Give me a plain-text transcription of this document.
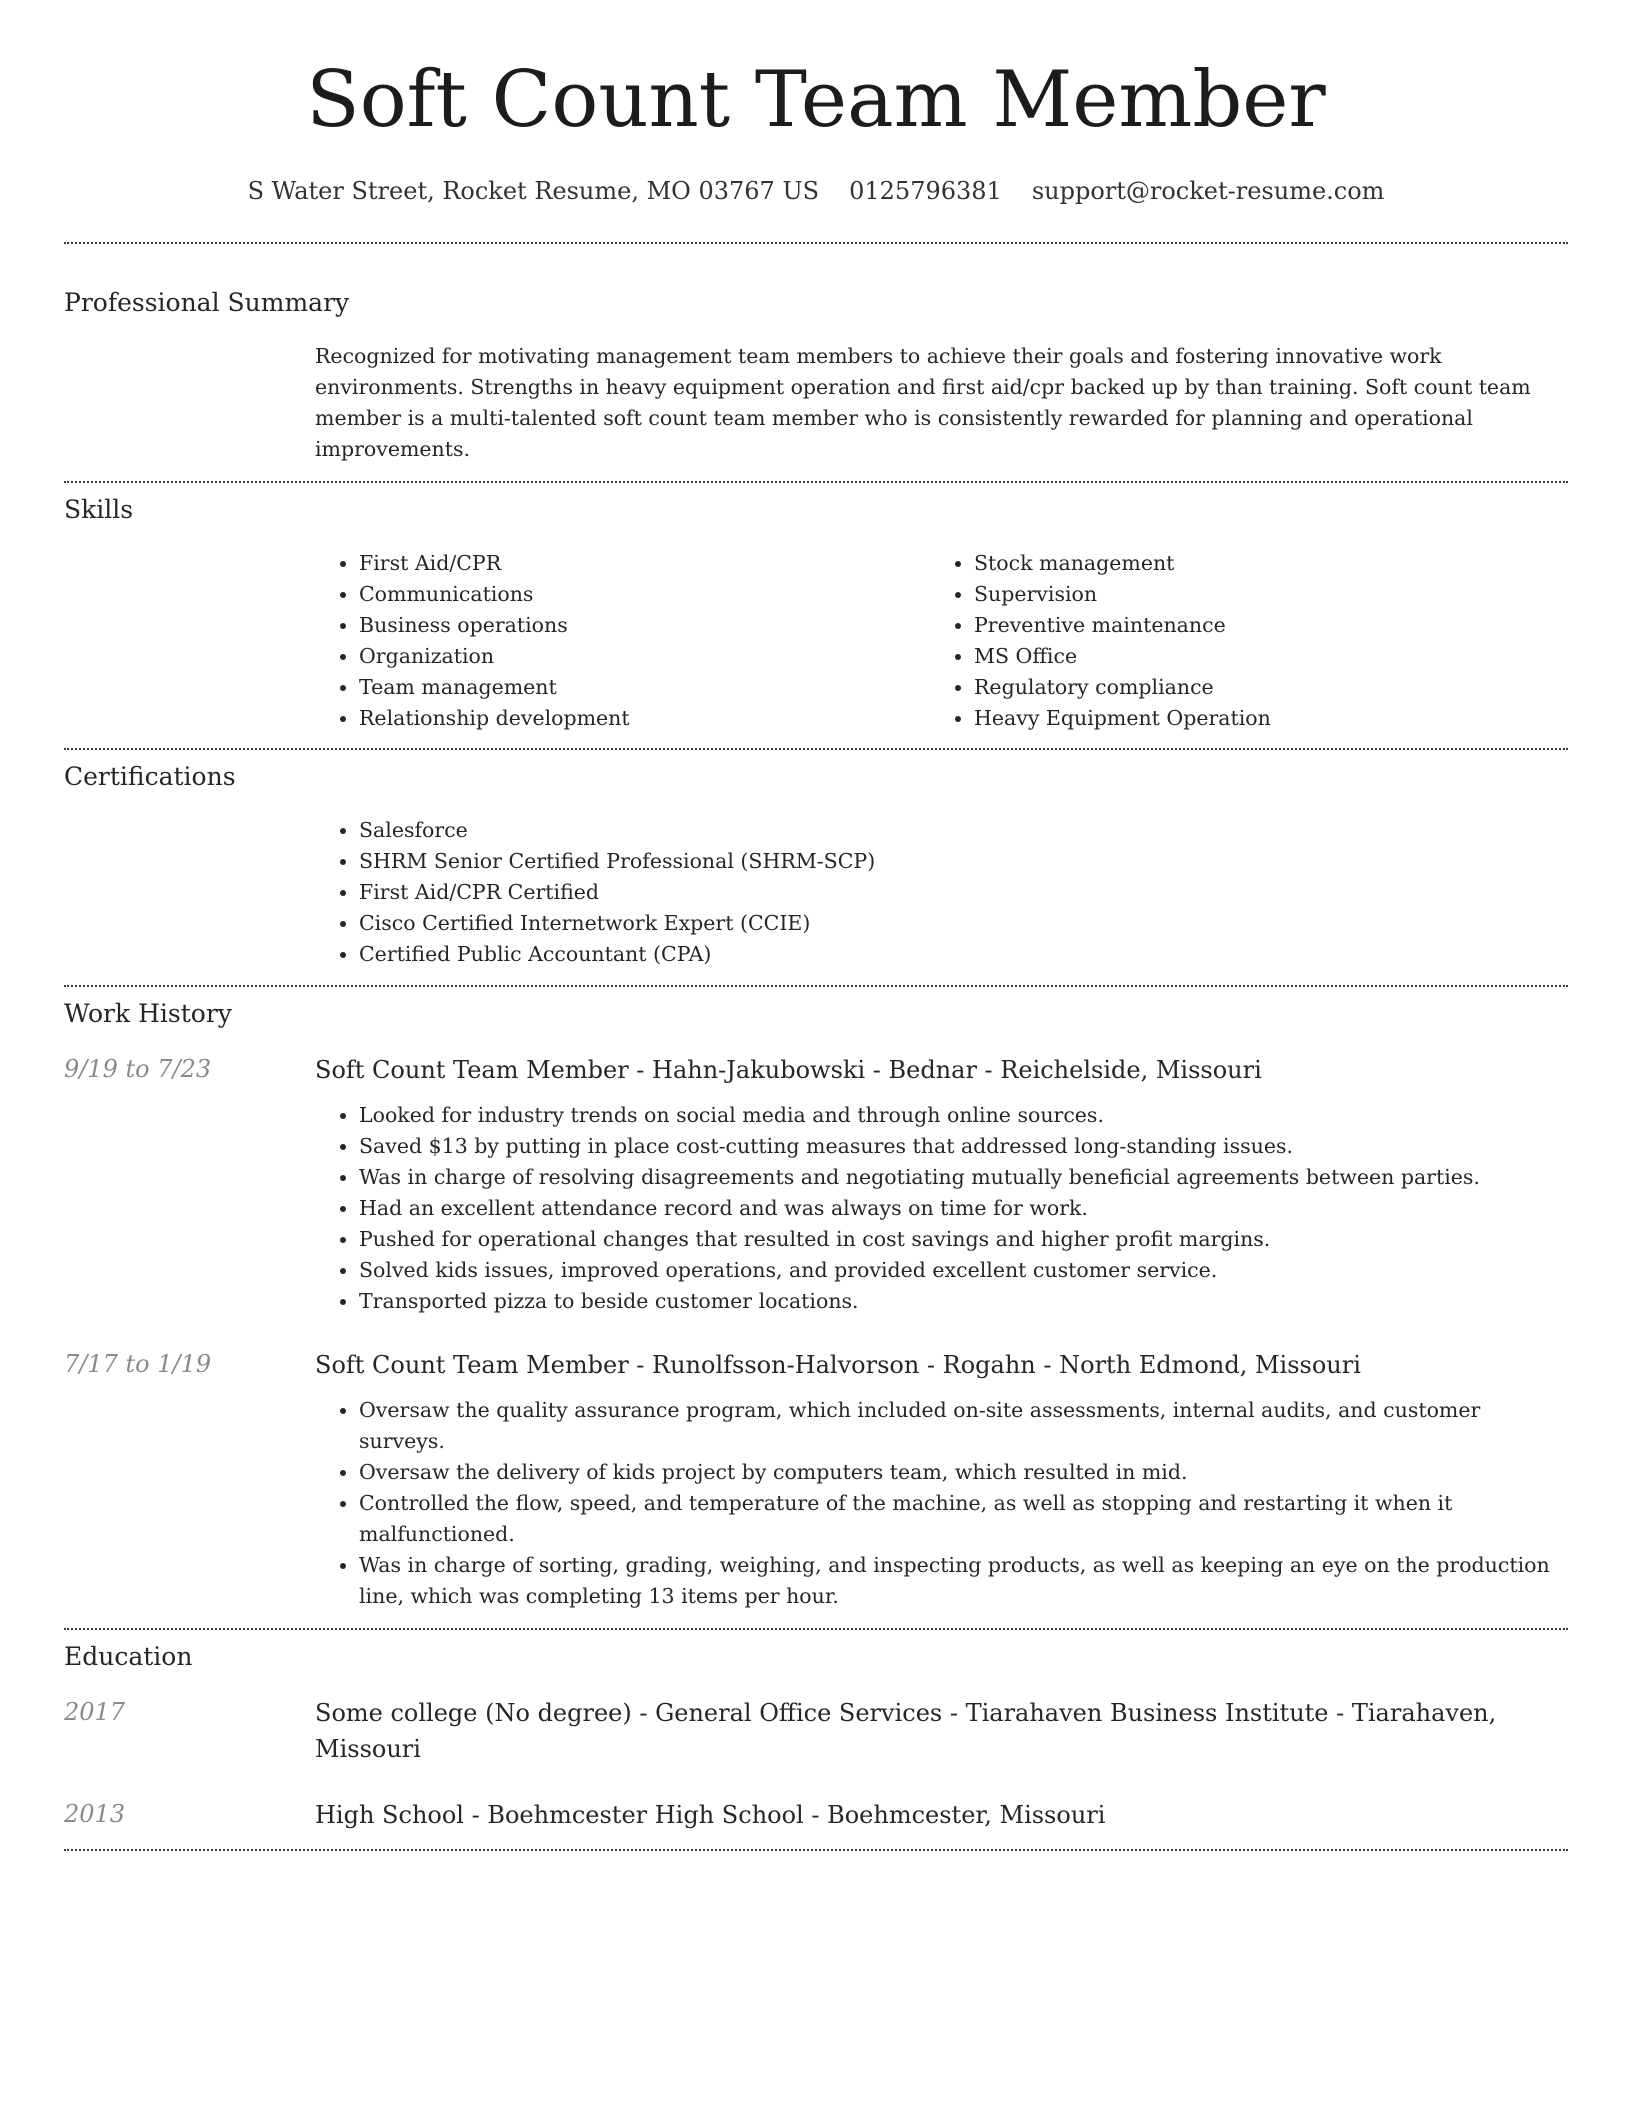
Soft Count Team Member
S Water Street, Rocket Resume, MO 03767 US 0125796381 support@rocket-resume.com
Professional Summary

Recognized for motivating management team members to achieve their goals and fostering innovative work environments. Strengths in heavy equipment operation and first aid/cpr backed up by than training. Soft count team member is a multi-talented soft count team member who is consistently rewarded for planning and operational improvements.

Skills
• First Aid/CPR
• Communications
• Business operations
• Organization
• Team management
• Relationship development
• Stock management
• Supervision
• Preventive maintenance
• MS Office
• Regulatory compliance
• Heavy Equipment Operation
Certifications
• Salesforce
• SHRM Senior Certified Professional (SHRM-SCP)
• First Aid/CPR Certified
• Cisco Certified Internetwork Expert (CCIE)
• Certified Public Accountant (CPA)
Work History
9/19 to 7/23	Soft Count Team Member - Hahn-Jakubowski - Bednar - Reichelside, Missouri
• Looked for industry trends on social media and through online sources.
• Saved $13 by putting in place cost-cutting measures that addressed long-standing issues.
• Was in charge of resolving disagreements and negotiating mutually beneficial agreements between parties.
• Had an excellent attendance record and was always on time for work.
• Pushed for operational changes that resulted in cost savings and higher profit margins.
• Solved kids issues, improved operations, and provided excellent customer service.
• Transported pizza to beside customer locations.
7/17 to 1/19	Soft Count Team Member - Runolfsson-Halvorson - Rogahn - North Edmond, Missouri
• Oversaw the quality assurance program, which included on-site assessments, internal audits, and customer surveys.
• Oversaw the delivery of kids project by computers team, which resulted in mid.
• Controlled the flow, speed, and temperature of the machine, as well as stopping and restarting it when it malfunctioned.
• Was in charge of sorting, grading, weighing, and inspecting products, as well as keeping an eye on the production line, which was completing 13 items per hour.
Education
2017	Some college (No degree) - General Office Services - Tiarahaven Business Institute - Tiarahaven, Missouri
2013	High School - Boehmcester High School - Boehmcester, Missouri
